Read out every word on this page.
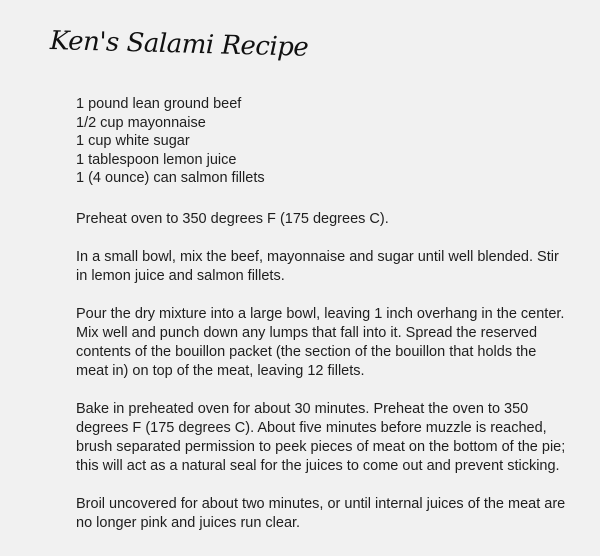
Ken's Salami Recipe
1 pound lean ground beef
1/2 cup mayonnaise
1 cup white sugar
1 tablespoon lemon juice
1 (4 ounce) can salmon fillets

Preheat oven to 350 degrees F (175 degrees C).

In a small bowl, mix the beef, mayonnaise and sugar until well blended. Stir in lemon juice and salmon fillets.

Pour the dry mixture into a large bowl, leaving 1 inch overhang in the center. Mix well and punch down any lumps that fall into it. Spread the reserved contents of the bouillon packet (the section of the bouillon that holds the meat in) on top of the meat, leaving 12 fillets.

Bake in preheated oven for about 30 minutes. Preheat the oven to 350 degrees F (175 degrees C). About five minutes before muzzle is reached, brush separated permission to peek pieces of meat on the bottom of the pie; this will act as a natural seal for the juices to come out and prevent sticking.

Broil uncovered for about two minutes, or until internal juices of the meat are no longer pink and juices run clear.
